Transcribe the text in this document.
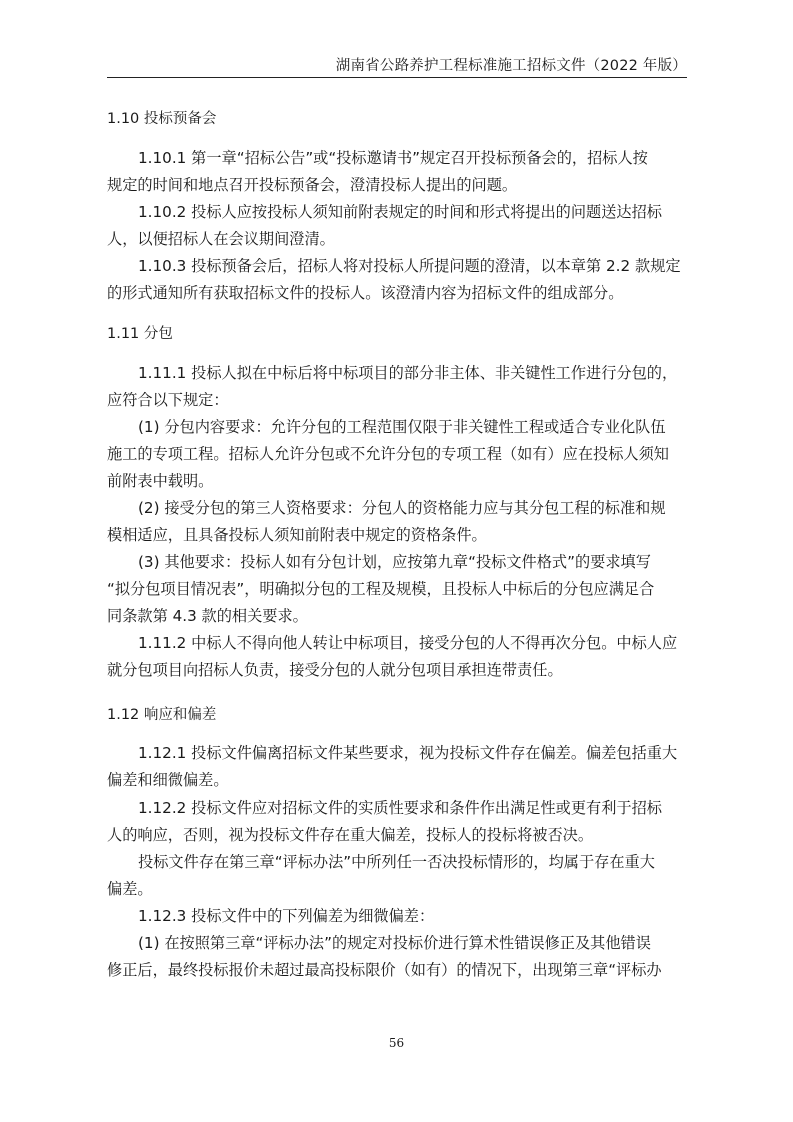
湖南省公路养护工程标准施工招标文件（2022 年版）
1.10 投标预备会
1.10.1 第一章“招标公告”或“投标邀请书”规定召开投标预备会的，招标人按
规定的时间和地点召开投标预备会，澄清投标人提出的问题。
1.10.2 投标人应按投标人须知前附表规定的时间和形式将提出的问题送达招标
人，以便招标人在会议期间澄清。
1.10.3 投标预备会后，招标人将对投标人所提问题的澄清，以本章第 2.2 款规定
的形式通知所有获取招标文件的投标人。该澄清内容为招标文件的组成部分。
1.11 分包
1.11.1 投标人拟在中标后将中标项目的部分非主体、非关键性工作进行分包的，
应符合以下规定：
(1) 分包内容要求：允许分包的工程范围仅限于非关键性工程或适合专业化队伍
施工的专项工程。招标人允许分包或不允许分包的专项工程（如有）应在投标人须知
前附表中载明。
(2) 接受分包的第三人资格要求：分包人的资格能力应与其分包工程的标准和规
模相适应，且具备投标人须知前附表中规定的资格条件。
(3) 其他要求：投标人如有分包计划，应按第九章“投标文件格式”的要求填写
“拟分包项目情况表”，明确拟分包的工程及规模，且投标人中标后的分包应满足合
同条款第 4.3 款的相关要求。
1.11.2 中标人不得向他人转让中标项目，接受分包的人不得再次分包。中标人应
就分包项目向招标人负责，接受分包的人就分包项目承担连带责任。
1.12 响应和偏差
1.12.1 投标文件偏离招标文件某些要求，视为投标文件存在偏差。偏差包括重大
偏差和细微偏差。
1.12.2 投标文件应对招标文件的实质性要求和条件作出满足性或更有利于招标
人的响应，否则，视为投标文件存在重大偏差，投标人的投标将被否决。
投标文件存在第三章“评标办法”中所列任一否决投标情形的，均属于存在重大
偏差。
1.12.3 投标文件中的下列偏差为细微偏差：
(1) 在按照第三章“评标办法”的规定对投标价进行算术性错误修正及其他错误
修正后，最终投标报价未超过最高投标限价（如有）的情况下，出现第三章“评标办
56
